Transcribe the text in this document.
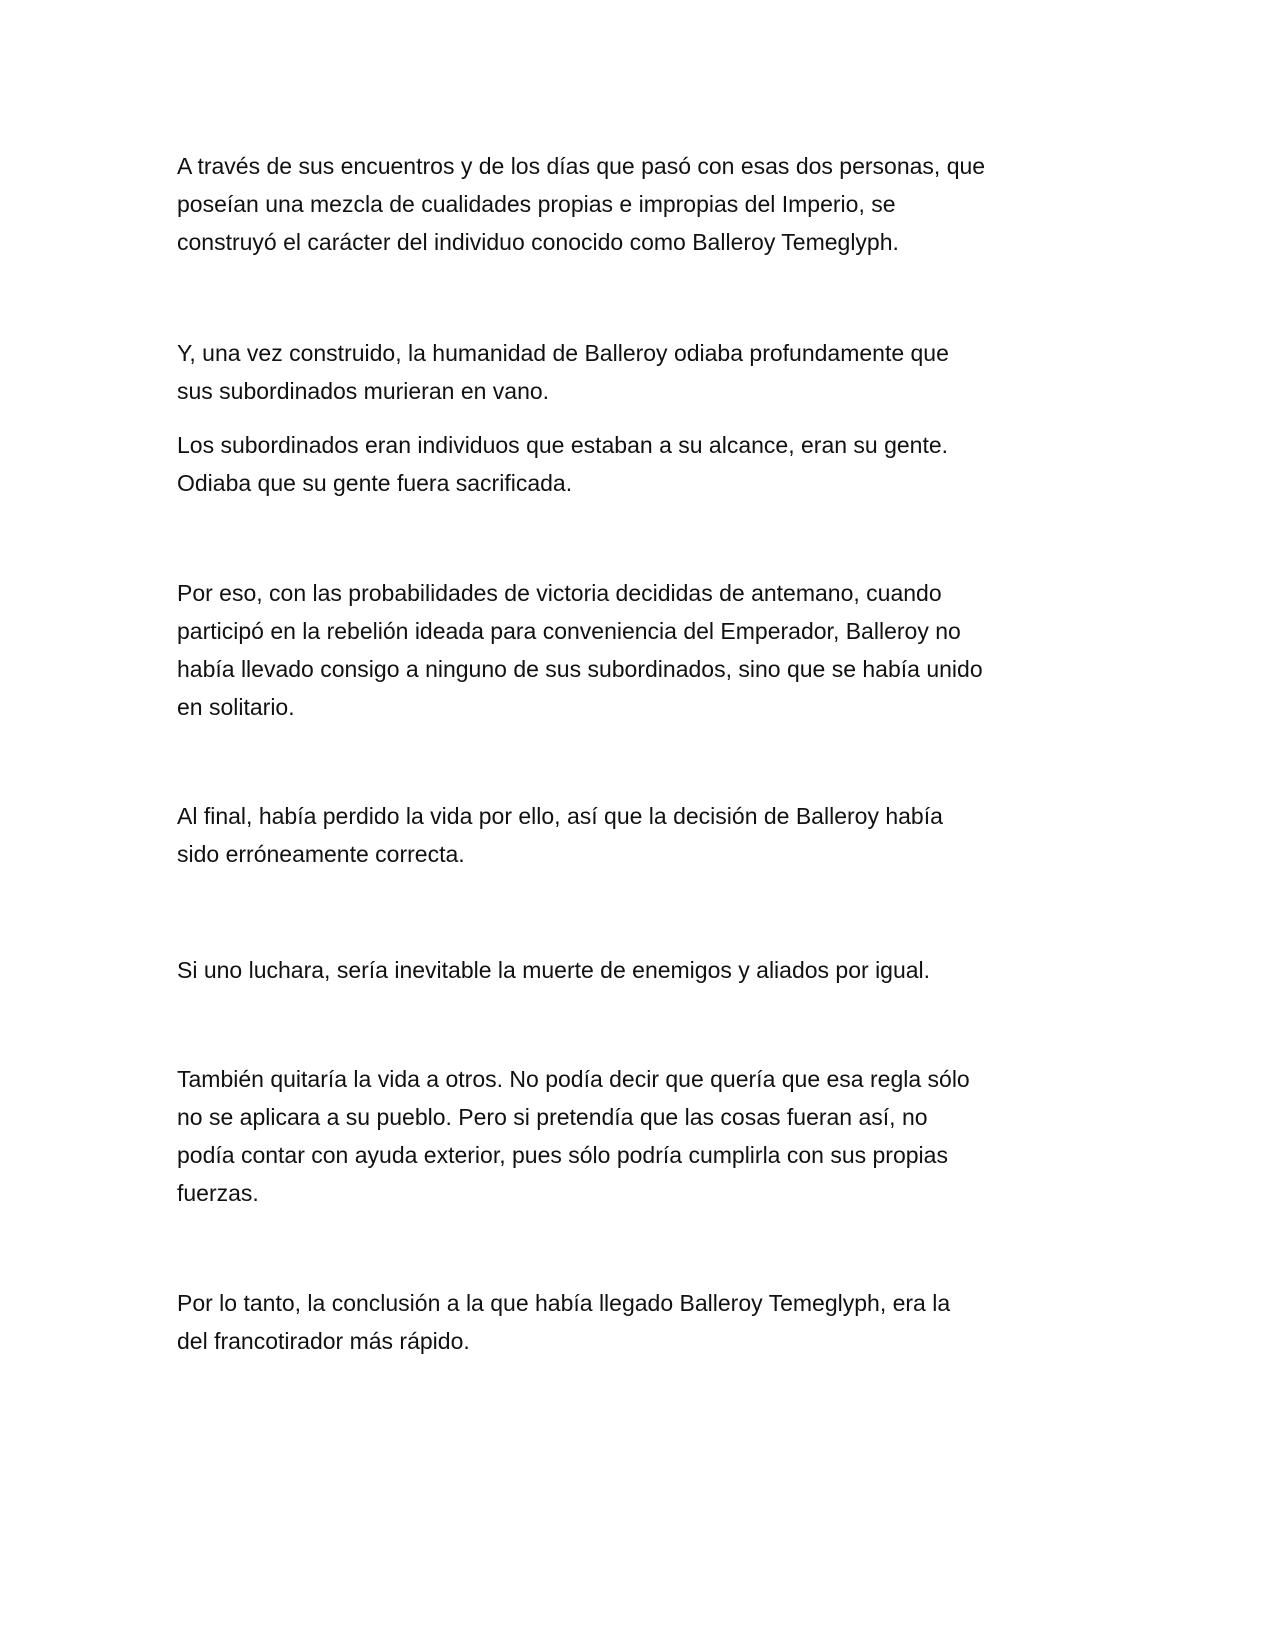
A través de sus encuentros y de los días que pasó con esas dos personas, que
poseían una mezcla de cualidades propias e impropias del Imperio, se
construyó el carácter del individuo conocido como Balleroy Temeglyph.

Y, una vez construido, la humanidad de Balleroy odiaba profundamente que
sus subordinados murieran en vano.

Los subordinados eran individuos que estaban a su alcance, eran su gente.
Odiaba que su gente fuera sacrificada.

Por eso, con las probabilidades de victoria decididas de antemano, cuando
participó en la rebelión ideada para conveniencia del Emperador, Balleroy no
había llevado consigo a ninguno de sus subordinados, sino que se había unido
en solitario.

Al final, había perdido la vida por ello, así que la decisión de Balleroy había
sido erróneamente correcta.

Si uno luchara, sería inevitable la muerte de enemigos y aliados por igual.

También quitaría la vida a otros. No podía decir que quería que esa regla sólo
no se aplicara a su pueblo. Pero si pretendía que las cosas fueran así, no
podía contar con ayuda exterior, pues sólo podría cumplirla con sus propias
fuerzas.

Por lo tanto, la conclusión a la que había llegado Balleroy Temeglyph, era la
del francotirador más rápido.
